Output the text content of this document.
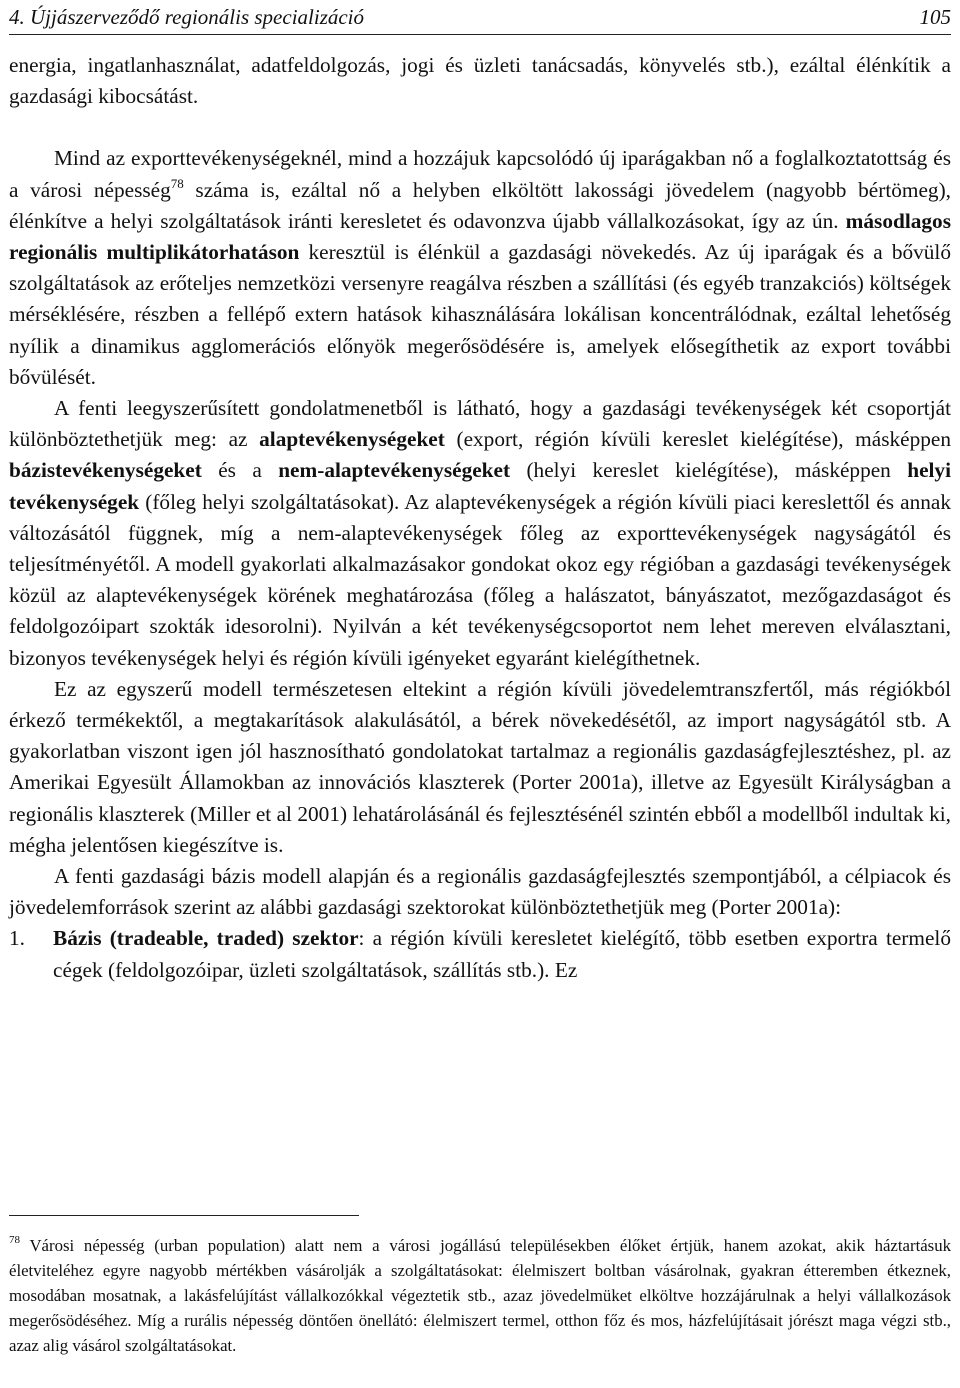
4. Újjászerveződő regionális specializáció	105

energia, ingatlanhasználat, adatfeldolgozás, jogi és üzleti tanácsadás, könyvelés stb.), ezáltal élénkítik a gazdasági kibocsátást.

Mind az exporttevékenységeknél, mind a hozzájuk kapcsolódó új iparágakban nő a foglalkoztatottság és a városi népesség$^{78}$ száma is, ezáltal nő a helyben elköltött lakossági jövedelem (nagyobb bértömeg), élénkítve a helyi szolgáltatások iránti keresletet és odavonzva újabb vállalkozásokat, így az ún. másodlagos regionális multiplikátorhatáson keresztül is élénkül a gazdasági növekedés. Az új iparágak és a bővülő szolgáltatások az erőteljes nemzetközi versenyre reagálva részben a szállítási (és egyéb tranzakciós) költségek mérséklésére, részben a fellépő extern hatások kihasználására lokálisan koncentrálódnak, ezáltal lehetőség nyílik a dinamikus agglomerációs előnyök megerősödésére is, amelyek elősegíthetik az export további bővülését.

A fenti leegyszerűsített gondolatmenetből is látható, hogy a gazdasági tevékenységek két csoportját különböztethetjük meg: az alaptevékenységeket (export, régión kívüli kereslet kielégítése), másképpen bázistevékenységeket és a nem-alaptevékenységeket (helyi kereslet kielégítése), másképpen helyi tevékenységek (főleg helyi szolgáltatásokat). Az alaptevékenységek a régión kívüli piaci kereslettől és annak változásától függnek, míg a nem-alaptevékenységek főleg az exporttevékenységek nagyságától és teljesítményétől. A modell gyakorlati alkalmazásakor gondokat okoz egy régióban a gazdasági tevékenységek közül az alaptevékenységek körének meghatározása (főleg a halászatot, bányászatot, mezőgazdaságot és feldolgozóipart szokták idesorolni). Nyilván a két tevékenységcsoportot nem lehet mereven elválasztani, bizonyos tevékenységek helyi és régión kívüli igényeket egyaránt kielégíthetnek.

Ez az egyszerű modell természetesen eltekint a régión kívüli jövedelemtranszfertől, más régiókból érkező termékektől, a megtakarítások alakulásától, a bérek növekedésétől, az import nagyságától stb. A gyakorlatban viszont igen jól hasznosítható gondolatokat tartalmaz a regionális gazdaságfejlesztéshez, pl. az Amerikai Egyesült Államokban az innovációs klaszterek (Porter 2001a), illetve az Egyesült Királyságban a regionális klaszterek (Miller et al 2001) lehatárolásánál és fejlesztésénél szintén ebből a modellből indultak ki, mégha jelentősen kiegészítve is.

A fenti gazdasági bázis modell alapján és a regionális gazdaságfejlesztés szempontjából, a célpiacok és jövedelemforrások szerint az alábbi gazdasági szektorokat különböztethetjük meg (Porter 2001a):

1. Bázis (tradeable, traded) szektor: a régión kívüli keresletet kielégítő, több esetben exportra termelő cégek (feldolgozóipar, üzleti szolgáltatások, szállítás stb.). Ez
$^{78}$ Városi népesség (urban population) alatt nem a városi jogállású településekben élőket értjük, hanem azokat, akik háztartásuk életviteléhez egyre nagyobb mértékben vásárolják a szolgáltatásokat: élelmiszert boltban vásárolnak, gyakran étteremben étkeznek, mosodában mosatnak, a lakásfelújítást vállalkozókkal végeztetik stb., azaz jövedelmüket elköltve hozzájárulnak a helyi vállalkozások megerősödéséhez. Míg a rurális népesség döntően önellátó: élelmiszert termel, otthon főz és mos, házfelújításait jórészt maga végzi stb., azaz alig vásárol szolgáltatásokat.
